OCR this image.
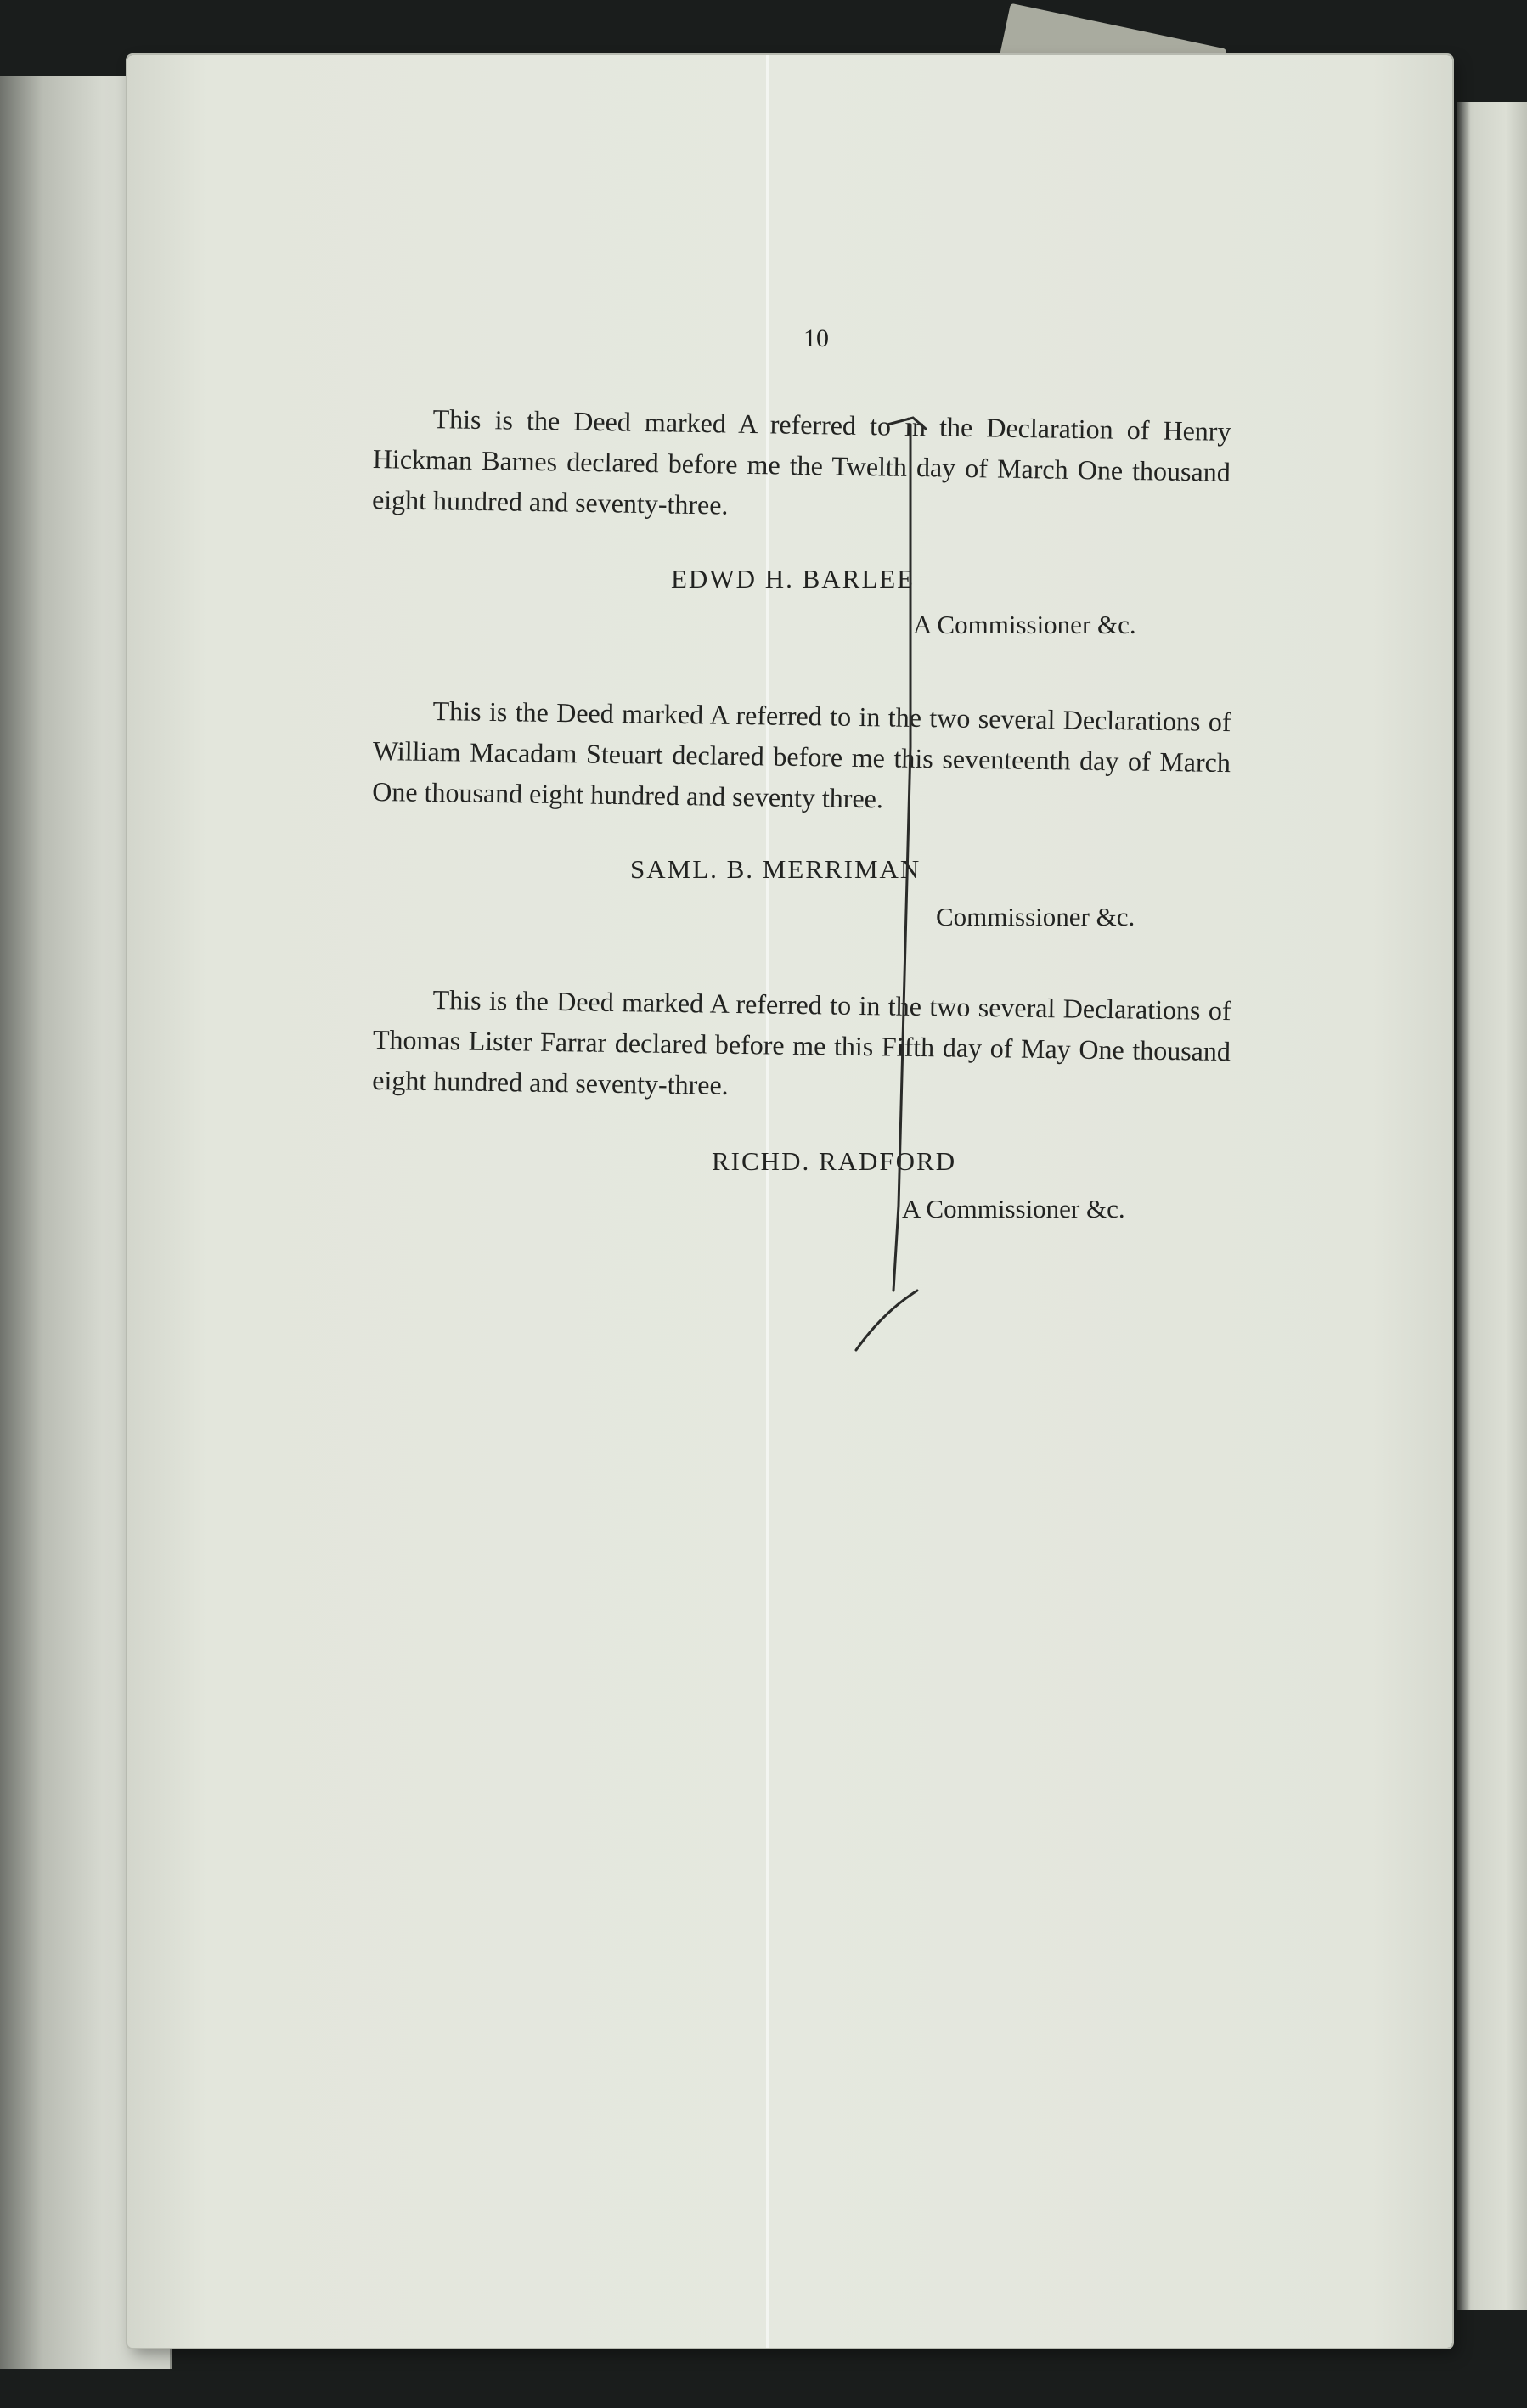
10

This is the Deed marked A referred to in the Declaration of Henry Hickman Barnes declared before me the Twelth day of March One thousand eight hundred and seventy-three.

EDWD H. BARLEE
A Commissioner &c.

This is the Deed marked A referred to in the two several Declarations of William Macadam Steuart declared before me this seventeenth day of March One thousand eight hundred and seventy three.

SAML. B. MERRIMAN
Commissioner &c.

This is the Deed marked A referred to in the two several Declarations of Thomas Lister Farrar declared before me this Fifth day of May One thousand eight hundred and seventy-three.

RICHD. RADFORD
A Commissioner &c.
